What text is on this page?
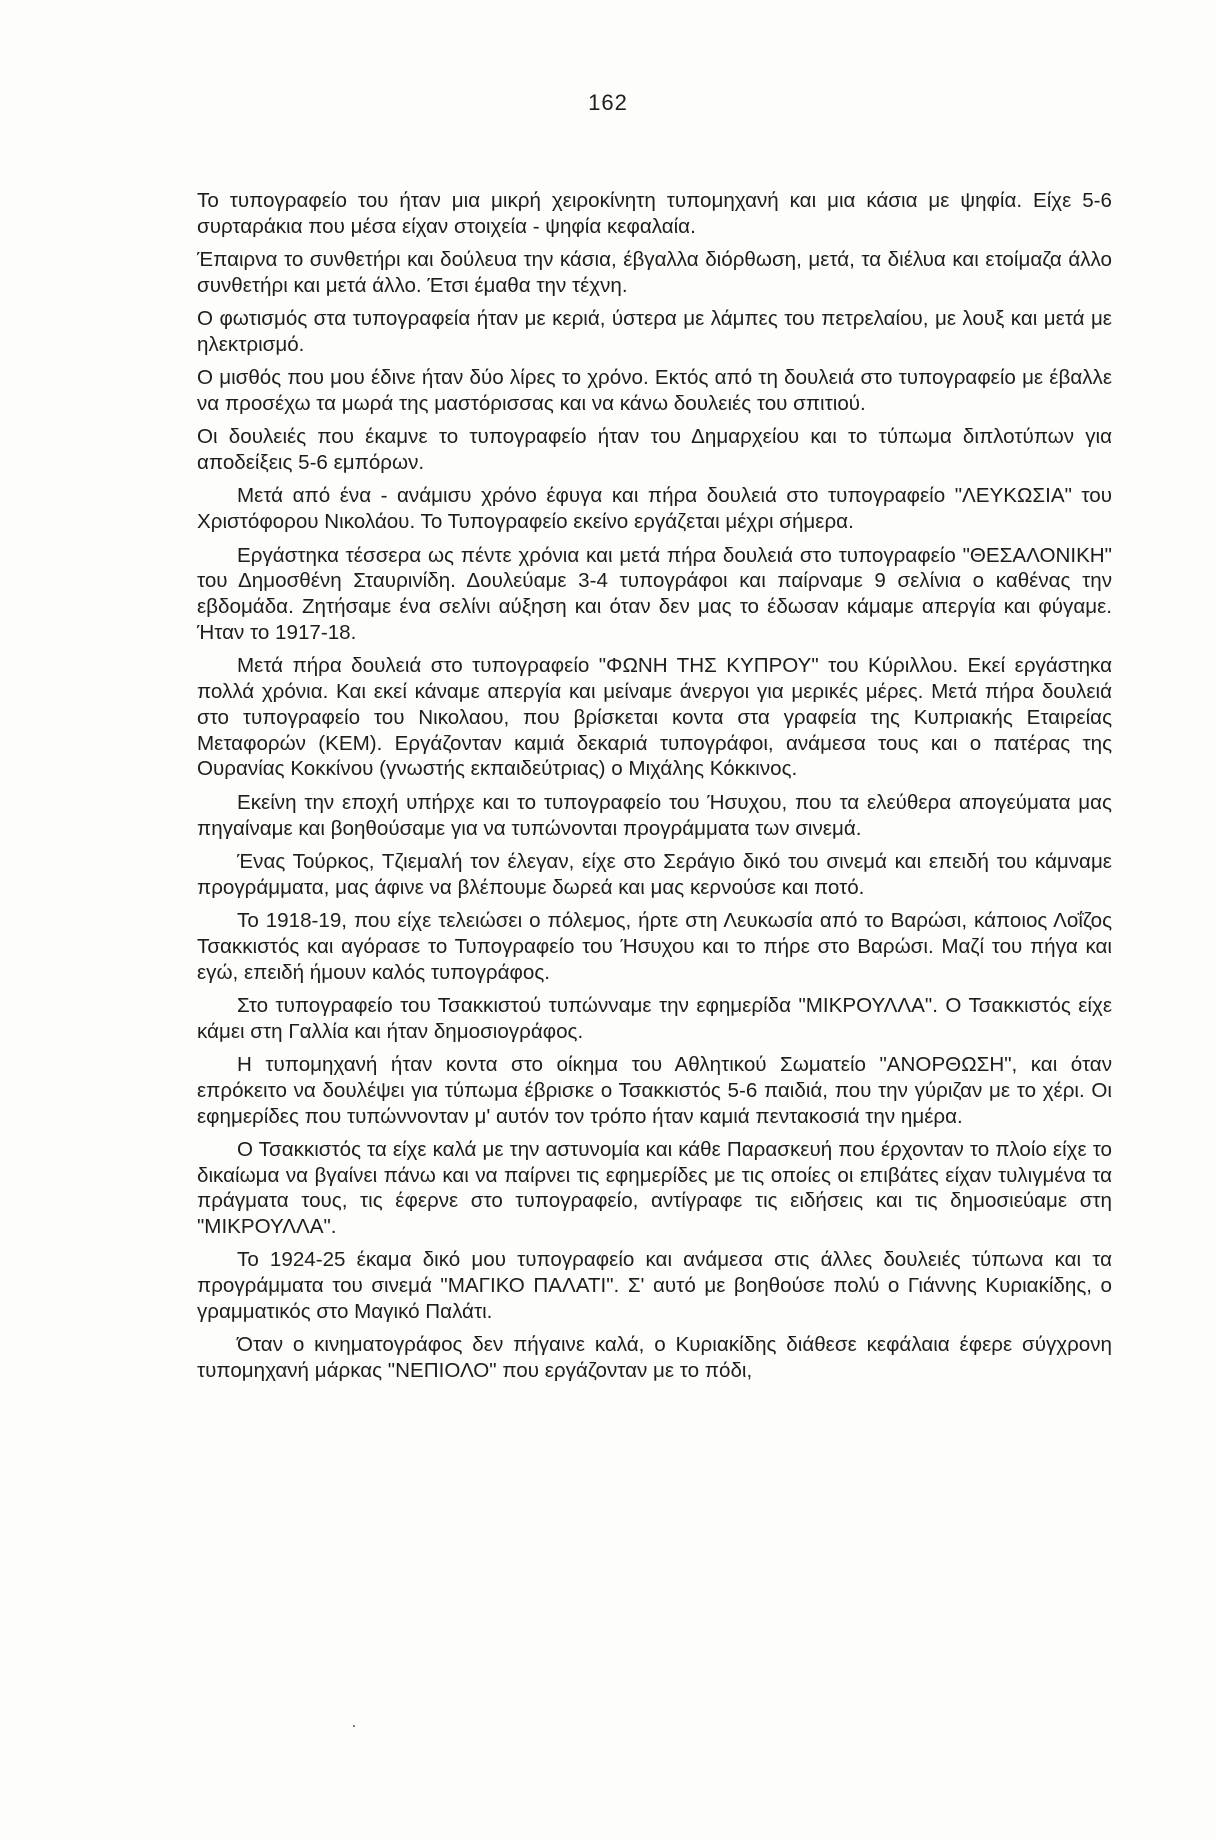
162

Το τυπογραφείο του ήταν μια μικρή χειροκίνητη τυπομηχανή και μια κάσια με ψηφία. Είχε 5-6 συρταράκια που μέσα είχαν στοιχεία - ψηφία κεφαλαία.

Έπαιρνα το συνθετήρι και δούλευα την κάσια, έβγαλλα διόρθωση, μετά, τα διέλυα και ετοίμαζα άλλο συνθετήρι και μετά άλλο. Έτσι έμαθα την τέχνη.

Ο φωτισμός στα τυπογραφεία ήταν με κεριά, ύστερα με λάμπες του πετρελαίου, με λουξ και μετά με ηλεκτρισμό.

Ο μισθός που μου έδινε ήταν δύο λίρες το χρόνο. Εκτός από τη δουλειά στο τυπογραφείο με έβαλλε να προσέχω τα μωρά της μαστόρισσας και να κάνω δουλειές του σπιτιού.

Οι δουλειές που έκαμνε το τυπογραφείο ήταν του Δημαρχείου και το τύπωμα διπλοτύπων για αποδείξεις 5-6 εμπόρων.

Μετά από ένα - ανάμισυ χρόνο έφυγα και πήρα δουλειά στο τυπογραφείο "ΛΕΥΚΩΣΙΑ" του Χριστόφορου Νικολάου. Το Τυπογραφείο εκείνο εργάζεται μέχρι σήμερα.

Εργάστηκα τέσσερα ως πέντε χρόνια και μετά πήρα δουλειά στο τυπογραφείο "ΘΕΣΑΛΟΝΙΚΗ" του Δημοσθένη Σταυρινίδη. Δουλεύαμε 3-4 τυπογράφοι και παίρναμε 9 σελίνια ο καθένας την εβδομάδα. Ζητήσαμε ένα σελίνι αύξηση και όταν δεν μας το έδωσαν κάμαμε απεργία και φύγαμε. Ήταν το 1917-18.

Μετά πήρα δουλειά στο τυπογραφείο "ΦΩΝΗ ΤΗΣ ΚΥΠΡΟΥ" του Κύριλλου. Εκεί εργάστηκα πολλά χρόνια. Και εκεί κάναμε απεργία και μείναμε άνεργοι για μερικές μέρες. Μετά πήρα δουλειά στο τυπογραφείο του Νικολαου, που βρίσκεται κοντα στα γραφεία της Κυπριακής Εταιρείας Μεταφορών (ΚΕΜ). Εργάζονταν καμιά δεκαριά τυπογράφοι, ανάμεσα τους και ο πατέρας της Ουρανίας Κοκκίνου (γνωστής εκπαιδεύτριας) ο Μιχάλης Κόκκινος.

Εκείνη την εποχή υπήρχε και το τυπογραφείο του Ήσυχου, που τα ελεύθερα απογεύματα μας πηγαίναμε και βοηθούσαμε για να τυπώνονται προγράμματα των σινεμά.

Ένας Τούρκος, Τζιεμαλή τον έλεγαν, είχε στο Σεράγιο δικό του σινεμά και επειδή του κάμναμε προγράμματα, μας άφινε να βλέπουμε δωρεά και μας κερνούσε και ποτό.

Το 1918-19, που είχε τελειώσει ο πόλεμος, ήρτε στη Λευκωσία από το Βαρώσι, κάποιος Λοΐζος Τσακκιστός και αγόρασε το Τυπογραφείο του Ήσυχου και το πήρε στο Βαρώσι. Μαζί του πήγα και εγώ, επειδή ήμουν καλός τυπογράφος.

Στο τυπογραφείο του Τσακκιστού τυπώνναμε την εφημερίδα "ΜΙΚΡΟΥΛΛΑ". Ο Τσακκιστός είχε κάμει στη Γαλλία και ήταν δημοσιογράφος.

Η τυπομηχανή ήταν κοντα στο οίκημα του Αθλητικού Σωματείο "ΑΝΟΡΘΩΣΗ", και όταν επρόκειτο να δουλέψει για τύπωμα έβρισκε ο Τσακκιστός 5-6 παιδιά, που την γύριζαν με το χέρι. Οι εφημερίδες που τυπώννονταν μ' αυτόν τον τρόπο ήταν καμιά πεντακοσιά την ημέρα.

Ο Τσακκιστός τα είχε καλά με την αστυνομία και κάθε Παρασκευή που έρχονταν το πλοίο είχε το δικαίωμα να βγαίνει πάνω και να παίρνει τις εφημερίδες με τις οποίες οι επιβάτες είχαν τυλιγμένα τα πράγματα τους, τις έφερνε στο τυπογραφείο, αντίγραφε τις ειδήσεις και τις δημοσιεύαμε στη "ΜΙΚΡΟΥΛΛΑ".

Το 1924-25 έκαμα δικό μου τυπογραφείο και ανάμεσα στις άλλες δουλειές τύπωνα και τα προγράμματα του σινεμά "ΜΑΓΙΚΟ ΠΑΛΑΤΙ". Σ' αυτό με βοηθούσε πολύ ο Γιάννης Κυριακίδης, ο γραμματικός στο Μαγικό Παλάτι.

Όταν ο κινηματογράφος δεν πήγαινε καλά, ο Κυριακίδης διάθεσε κεφάλαια έφερε σύγχρονη τυπομηχανή μάρκας "ΝΕΠΙΟΛΟ" που εργάζονταν με το πόδι,
